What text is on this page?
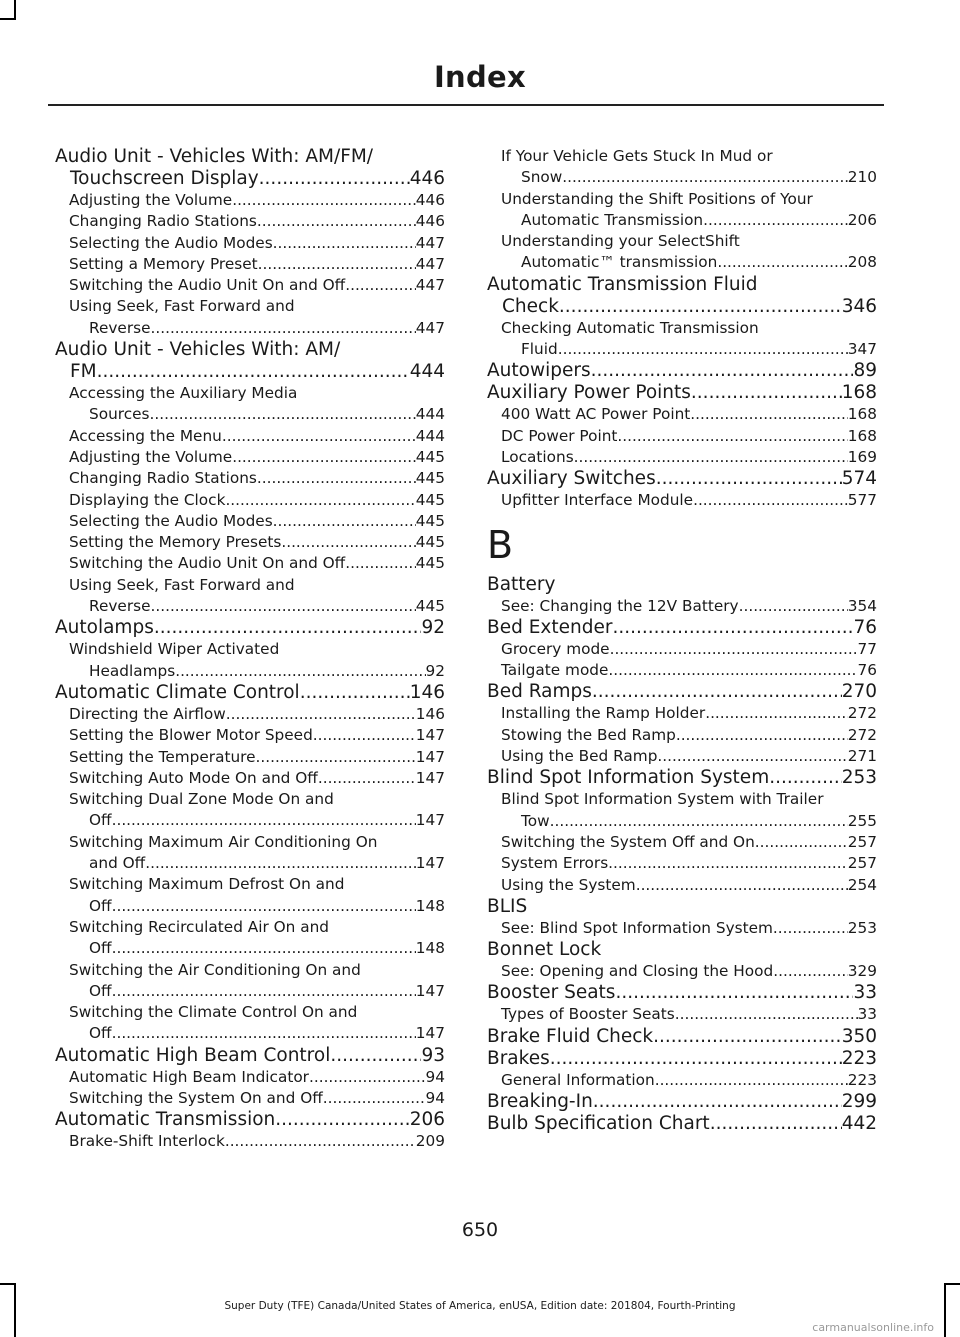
Index
Audio Unit - Vehicles With: AM/FM/
Touchscreen Display .....	446
Adjusting the Volume .....	446
Changing Radio Stations .....	446
Selecting the Audio Modes .....	447
Setting a Memory Preset .....	447
Switching the Audio Unit On and Off .....	447
Using Seek, Fast Forward and
Reverse .....	447
Audio Unit - Vehicles With: AM/
FM .....	444
Accessing the Auxiliary Media
Sources .....	444
Accessing the Menu .....	444
Adjusting the Volume .....	445
Changing Radio Stations .....	445
Displaying the Clock .....	445
Selecting the Audio Modes .....	445
Setting the Memory Presets .....	445
Switching the Audio Unit On and Off .....	445
Using Seek, Fast Forward and
Reverse .....	445
Autolamps .....	92
Windshield Wiper Activated
Headlamps .....	92
Automatic Climate Control .....	146
Directing the Airflow .....	146
Setting the Blower Motor Speed .....	147
Setting the Temperature .....	147
Switching Auto Mode On and Off .....	147
Switching Dual Zone Mode On and
Off .....	147
Switching Maximum Air Conditioning On
and Off .....	147
Switching Maximum Defrost On and
Off .....	148
Switching Recirculated Air On and
Off .....	148
Switching the Air Conditioning On and
Off .....	147
Switching the Climate Control On and
Off .....	147
Automatic High Beam Control .....	93
Automatic High Beam Indicator .....	94
Switching the System On and Off .....	94
Automatic Transmission .....	206
Brake-Shift Interlock .....	209
If Your Vehicle Gets Stuck In Mud or
Snow .....	210
Understanding the Shift Positions of Your
Automatic Transmission .....	206
Understanding your SelectShift
Automatic™ transmission .....	208
Automatic Transmission Fluid
Check .....	346
Checking Automatic Transmission
Fluid .....	347
Autowipers .....	89
Auxiliary Power Points .....	168
400 Watt AC Power Point .....	168
DC Power Point .....	168
Locations .....	169
Auxiliary Switches .....	574
Upfitter Interface Module .....	577
B
Battery
See: Changing the 12V Battery .....	354
Bed Extender .....	76
Grocery mode .....	77
Tailgate mode .....	76
Bed Ramps .....	270
Installing the Ramp Holder .....	272
Stowing the Bed Ramp .....	272
Using the Bed Ramp .....	271
Blind Spot Information System .....	253
Blind Spot Information System with Trailer
Tow .....	255
Switching the System Off and On .....	257
System Errors .....	257
Using the System .....	254
BLIS
See: Blind Spot Information System .....	253
Bonnet Lock
See: Opening and Closing the Hood .....	329
Booster Seats .....	33
Types of Booster Seats .....	33
Brake Fluid Check .....	350
Brakes .....	223
General Information .....	223
Breaking-In .....	299
Bulb Specification Chart .....	442
650
Super Duty (TFE) Canada/United States of America, enUSA, Edition date: 201804, Fourth-Printing
carmanualsonline.info
